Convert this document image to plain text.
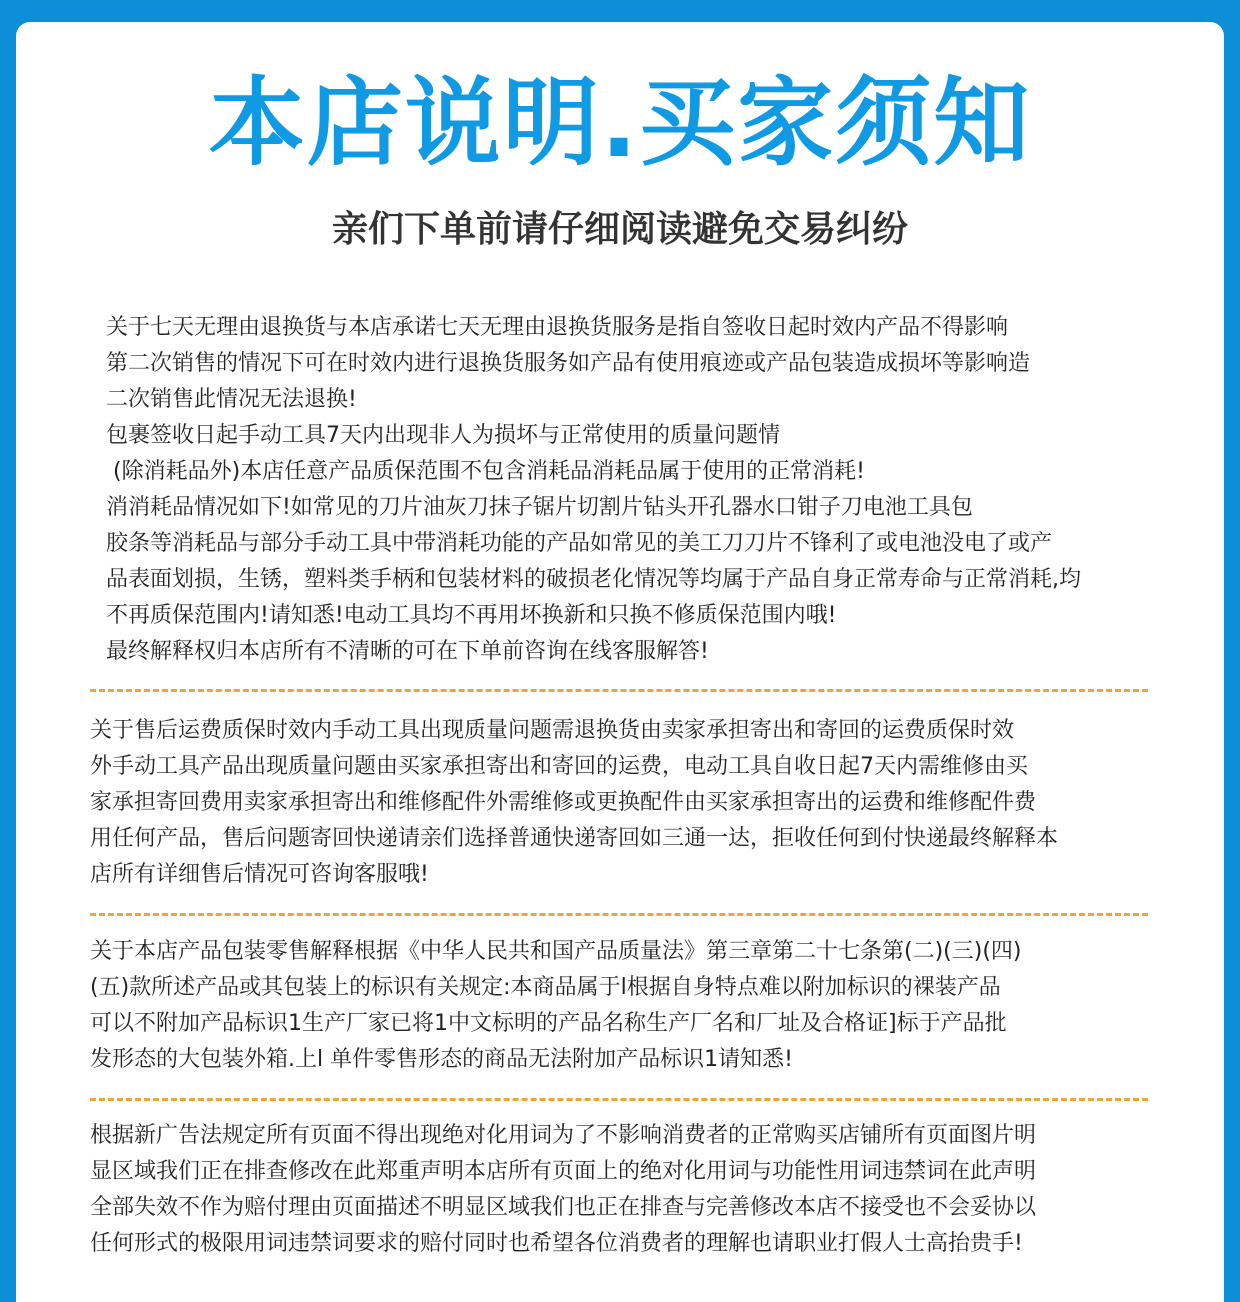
本店说明.买家须知
亲们下单前请仔细阅读避免交易纠纷

关于七天无理由退换货与本店承诺七天无理由退换货服务是指自签收日起时效内产品不得影响

第二次销售的情况下可在时效内进行退换货服务如产品有使用痕迹或产品包装造成损坏等影响造

二次销售此情况无法退换!

包裹签收日起手动工具7天内出现非人为损坏与正常使用的质量问题情

(除消耗品外)本店任意产品质保范围不包含消耗品消耗品属于使用的正常消耗!

消消耗品情况如下!如常见的刀片油灰刀抹子锯片切割片钻头开孔器水口钳子刀电池工具包

胶条等消耗品与部分手动工具中带消耗功能的产品如常见的美工刀刀片不锋利了或电池没电了或产

品表面划损，生锈，塑料类手柄和包装材料的破损老化情况等均属于产品自身正常寿命与正常消耗,均

不再质保范围内!请知悉!电动工具均不再用坏换新和只换不修质保范围内哦!

最终解释权归本店所有不清晰的可在下单前咨询在线客服解答!

关于售后运费质保时效内手动工具出现质量问题需退换货由卖家承担寄出和寄回的运费质保时效

外手动工具产品出现质量问题由买家承担寄出和寄回的运费，电动工具自收日起7天内需维修由买

家承担寄回费用卖家承担寄出和维修配件外需维修或更换配件由买家承担寄出的运费和维修配件费

用任何产品，售后问题寄回快递请亲们选择普通快递寄回如三通一达，拒收任何到付快递最终解释本

店所有详细售后情况可咨询客服哦!

关于本店产品包装零售解释根据《中华人民共和国产品质量法》第三章第二十七条第(二)(三)(四)

(五)款所述产品或其包装上的标识有关规定:本商品属于l根据自身特点难以附加标识的裸装产品

可以不附加产品标识1生产厂家已将1中文标明的产品名称生产厂名和厂址及合格证]标于产品批

发形态的大包装外箱.上l 单件零售形态的商品无法附加产品标识1请知悉!

根据新广告法规定所有页面不得出现绝对化用词为了不影响消费者的正常购买店铺所有页面图片明

显区域我们正在排查修改在此郑重声明本店所有页面上的绝对化用词与功能性用词违禁词在此声明

全部失效不作为赔付理由页面描述不明显区域我们也正在排查与完善修改本店不接受也不会妥协以

任何形式的极限用词违禁词要求的赔付同时也希望各位消费者的理解也请职业打假人士高抬贵手!
